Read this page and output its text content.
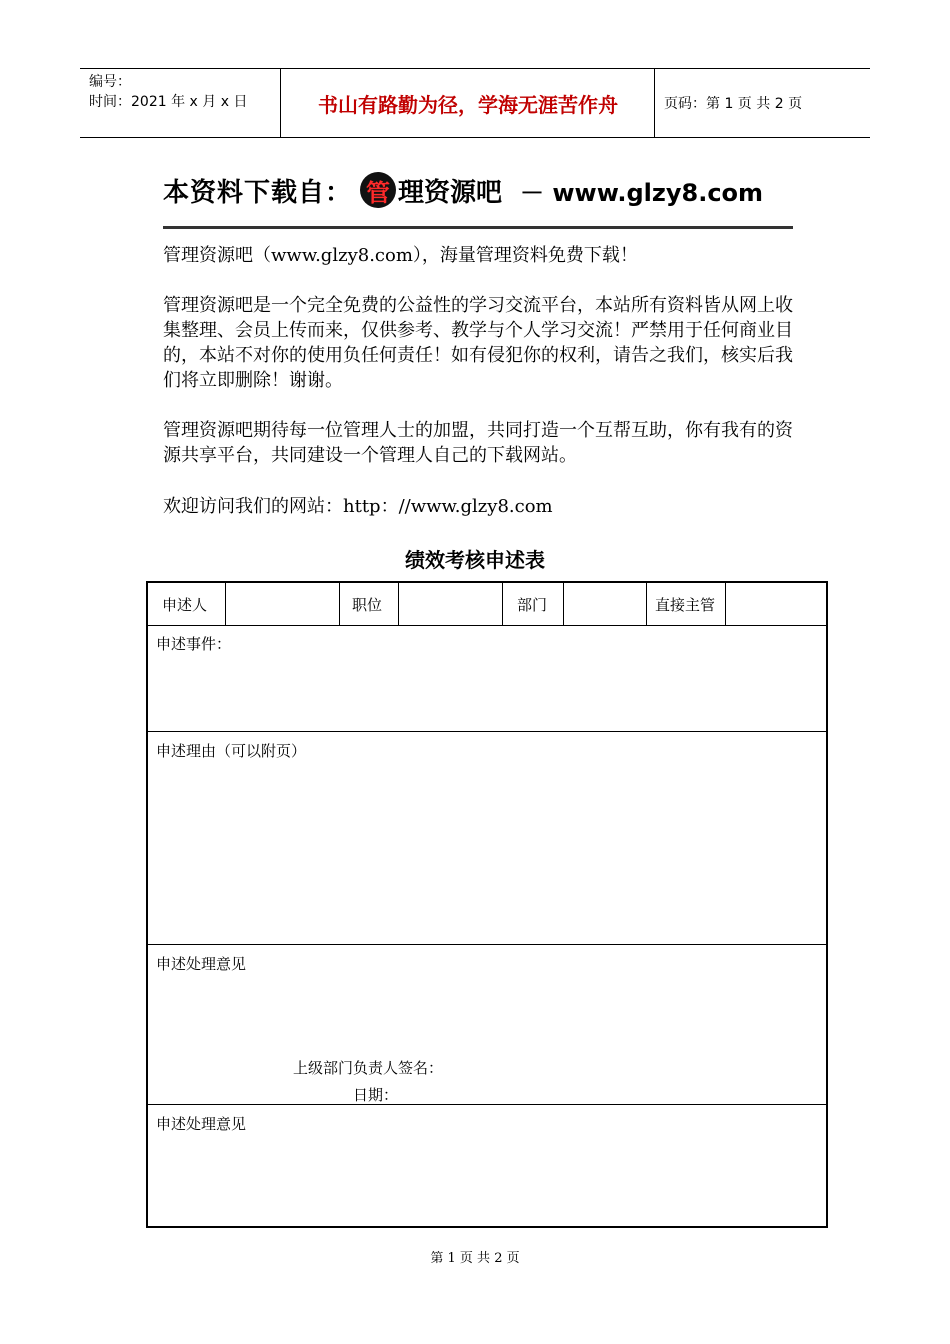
编号：
时间：2021 年 x 月 x 日	书山有路勤为径，学海无涯苦作舟	页码：第 1 页 共 2 页
本资料下载自： 管 理资源吧 － www.glzy8.com
管理资源吧（www.glzy8.com），海量管理资料免费下载！
管理资源吧是一个完全免费的公益性的学习交流平台，本站所有资料皆从网上收集整理、会员上传而来，仅供参考、教学与个人学习交流！严禁用于任何商业目的，本站不对你的使用负任何责任！如有侵犯你的权利，请告之我们，核实后我们将立即删除！谢谢。
管理资源吧期待每一位管理人士的加盟，共同打造一个互帮互助，你有我有的资源共享平台，共同建设一个管理人自己的下载网站。
欢迎访问我们的网站：http：//www.glzy8.com
绩效考核申述表
申述人	职位	部门	直接主管
申述事件：
申述理由（可以附页）
申述处理意见
上级部门负责人签名：
日期：
申述处理意见
第 1 页 共 2 页
